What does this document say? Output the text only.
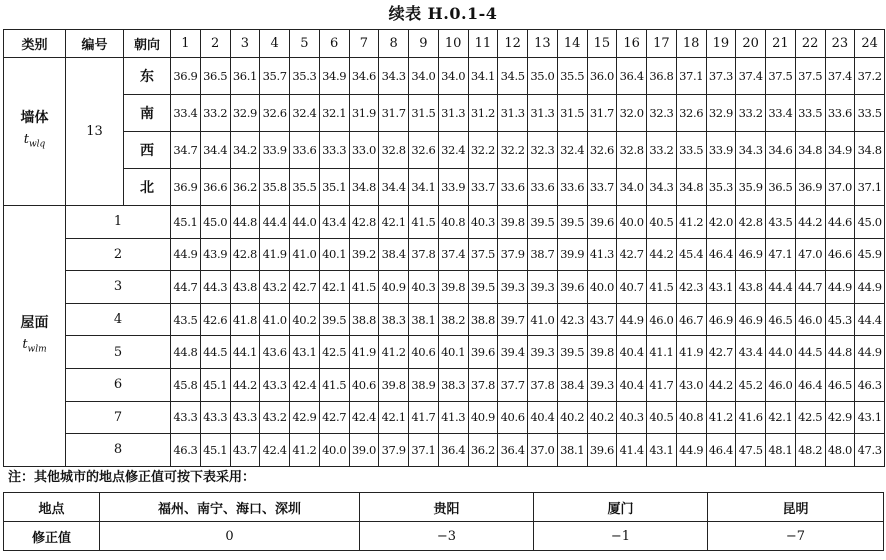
续表 H.0.1-4
类别	编号	朝向	1	2	3	4	5	6	7	8	9	10	11	12	13	14	15	16	17	18	19	20	21	22	23	24

墙体
$t_{wlq}$	13	东	36.9	36.5	36.1	35.7	35.3	34.9	34.6	34.3	34.0	34.0	34.1	34.5	35.0	35.5	36.0	36.4	36.8	37.1	37.3	37.4	37.5	37.5	37.4	37.2
		南	33.4	33.2	32.9	32.6	32.4	32.1	31.9	31.7	31.5	31.3	31.2	31.3	31.3	31.5	31.7	32.0	32.3	32.6	32.9	33.2	33.4	33.5	33.6	33.5
		西	34.7	34.4	34.2	33.9	33.6	33.3	33.0	32.8	32.6	32.4	32.2	32.2	32.3	32.4	32.6	32.8	33.2	33.5	33.9	34.3	34.6	34.8	34.9	34.8
		北	36.9	36.6	36.2	35.8	35.5	35.1	34.8	34.4	34.1	33.9	33.7	33.6	33.6	33.6	33.7	34.0	34.3	34.8	35.3	35.9	36.5	36.9	37.0	37.1

屋面
$t_{wlm}$	1		45.1	45.0	44.8	44.4	44.0	43.4	42.8	42.1	41.5	40.8	40.3	39.8	39.5	39.5	39.6	40.0	40.5	41.2	42.0	42.8	43.5	44.2	44.6	45.0
	2		44.9	43.9	42.8	41.9	41.0	40.1	39.2	38.4	37.8	37.4	37.5	37.9	38.7	39.9	41.3	42.7	44.2	45.4	46.4	46.9	47.1	47.0	46.6	45.9
	3		44.7	44.3	43.8	43.2	42.7	42.1	41.5	40.9	40.3	39.8	39.5	39.3	39.3	39.6	40.0	40.7	41.5	42.3	43.1	43.8	44.4	44.7	44.9	44.9
	4		43.5	42.6	41.8	41.0	40.2	39.5	38.8	38.3	38.1	38.2	38.8	39.7	41.0	42.3	43.7	44.9	46.0	46.7	46.9	46.9	46.5	46.0	45.3	44.4
	5		44.8	44.5	44.1	43.6	43.1	42.5	41.9	41.2	40.6	40.1	39.6	39.4	39.3	39.5	39.8	40.4	41.1	41.9	42.7	43.4	44.0	44.5	44.8	44.9
	6		45.8	45.1	44.2	43.3	42.4	41.5	40.6	39.8	38.9	38.3	37.8	37.7	37.8	38.4	39.3	40.4	41.7	43.0	44.2	45.2	46.0	46.4	46.5	46.3
	7		43.3	43.3	43.3	43.2	42.9	42.7	42.4	42.1	41.7	41.3	40.9	40.6	40.4	40.2	40.2	40.3	40.5	40.8	41.2	41.6	42.1	42.5	42.9	43.1
	8		46.3	45.1	43.7	42.4	41.2	40.0	39.0	37.9	37.1	36.4	36.2	36.4	37.0	38.1	39.6	41.4	43.1	44.9	46.4	47.5	48.1	48.2	48.0	47.3
注：其他城市的地点修正值可按下表采用：
地点	福州、南宁、海口、深圳	贵阳	厦门	昆明
修正值	0	−3	−1	−7
